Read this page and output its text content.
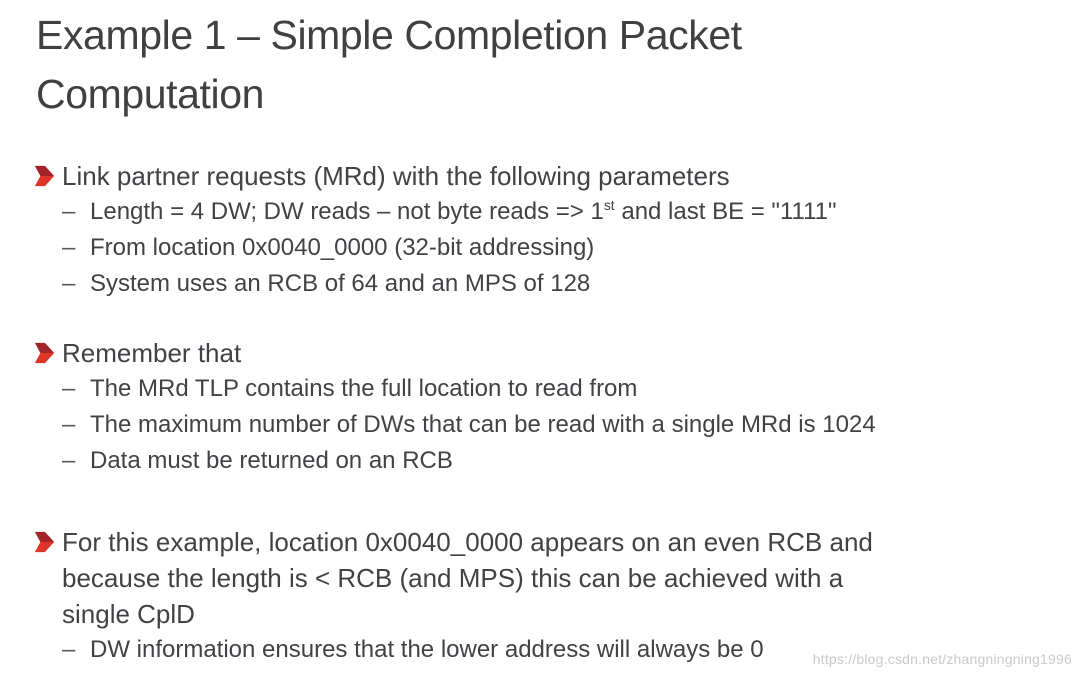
Example 1 – Simple Completion Packet
Computation
Link partner requests (MRd) with the following parameters
– Length = 4 DW; DW reads – not byte reads => 1st and last BE = "1111"
– From location 0x0040_0000 (32-bit addressing)
– System uses an RCB of 64 and an MPS of 128
Remember that
– The MRd TLP contains the full location to read from
– The maximum number of DWs that can be read with a single MRd is 1024
– Data must be returned on an RCB
For this example, location 0x0040_0000 appears on an even RCB and
because the length is < RCB (and MPS) this can be achieved with a
single CplD
– DW information ensures that the lower address will always be 0	https://blog.csdn.net/zhangningning1996
